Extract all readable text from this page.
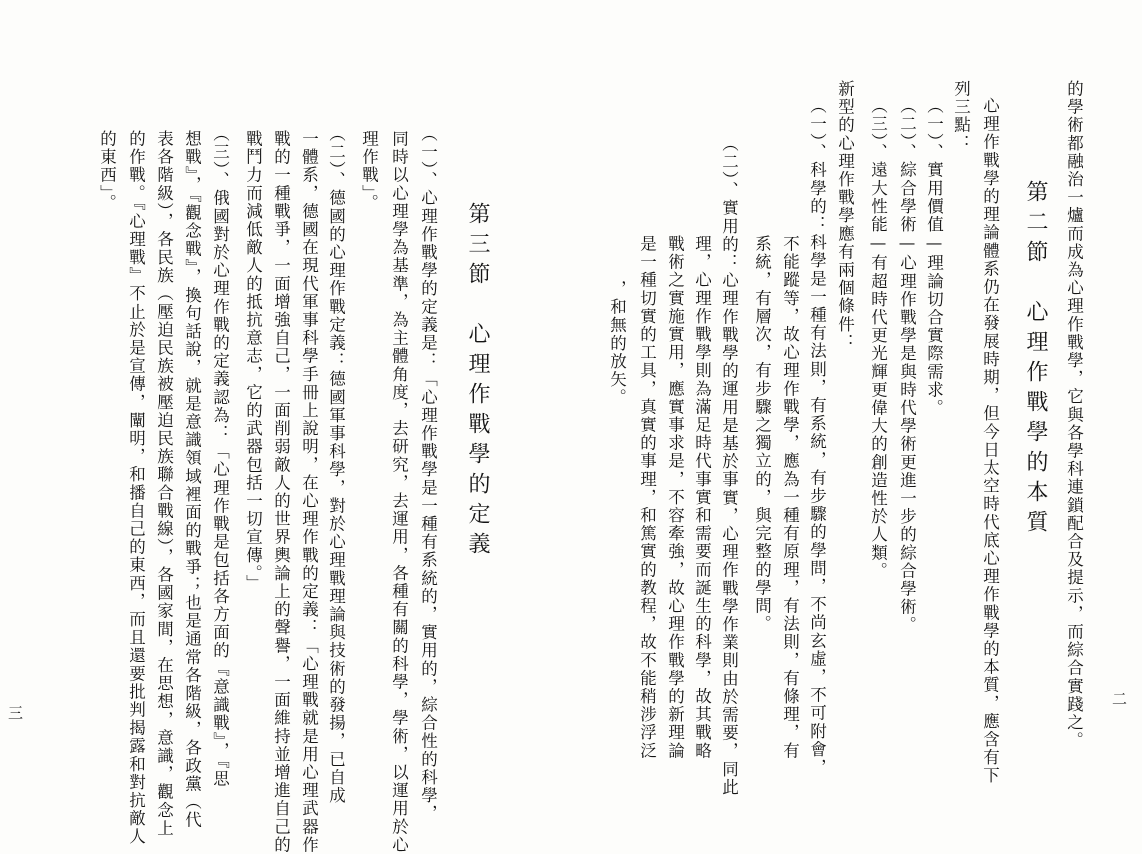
的學術都融治一爐而成為心理作戰學，它與各學科連鎖配合及提示，而綜合實踐之。 二
第二節　心理作戰學的本質
心理作戰學的理論體系仍在發展時期，但今日太空時代底心理作戰學的本質，應含有下
列三點：
（一）、實用價值—理論切合實際需求。
（二）、綜合學術—心理作戰學是與時代學術更進一步的綜合學術。
（三）、遠大性能—有超時代更光輝更偉大的創造性於人類。
新型的心理作戰學應有兩個條件：
（一）、科學的：科學是一種有法則，有系統，有步驟的學問，不尚玄虛，不可附會，
不能蹤等，故心理作戰學，應為一種有原理，有法則，有條理，有
系統，有層次，有步驟之獨立的，與完整的學問。
（二）、實用的：心理作戰學的運用是基於事實，心理作戰學作業則由於需要，同此
理，心理作戰學則為滿足時代事實和需要而誕生的科學，故其戰略
戰術之實施實用，應實事求是，不容牽強，故心理作戰學的新理論
是一種切實的工具，真實的事理，和篤實的教程，故不能稍涉浮泛
，和無的放矢。
第三節　心理作戰學的定義
（一）、心理作戰學的定義是：「心理作戰學是一種有系統的，實用的，綜合性的科學，
同時以心理學為基準，為主體角度，去研究，去運用，各種有關的科學，學術，以運用於心
理作戰」。
（二）、德國的心理作戰定義：德國軍事科學，對於心理戰理論與技術的發揚，已自成
一體系，德國在現代軍事科學手冊上說明，在心理作戰的定義：「心理戰就是用心理武器作
戰的一種戰爭，一面增強自己，一面削弱敵人的世界輿論上的聲譽，一面維持並增進自己的
戰鬥力而減低敵人的抵抗意志，它的武器包括一切宣傳。」
（三）、俄國對於心理作戰的定義認為：「心理作戰是包括各方面的『意識戰』，『思
想戰』，『觀念戰』，換句話說，就是意識領域裡面的戰爭；也是通常各階級，各政黨（代
表各階級），各民族（壓迫民族被壓迫民族聯合戰線），各國家間，在思想，意識，觀念上
的作戰。『心理戰』不止於是宣傳，闡明，和播自己的東西，而且還要批判揭露和對抗敵人
的東西」。
三
